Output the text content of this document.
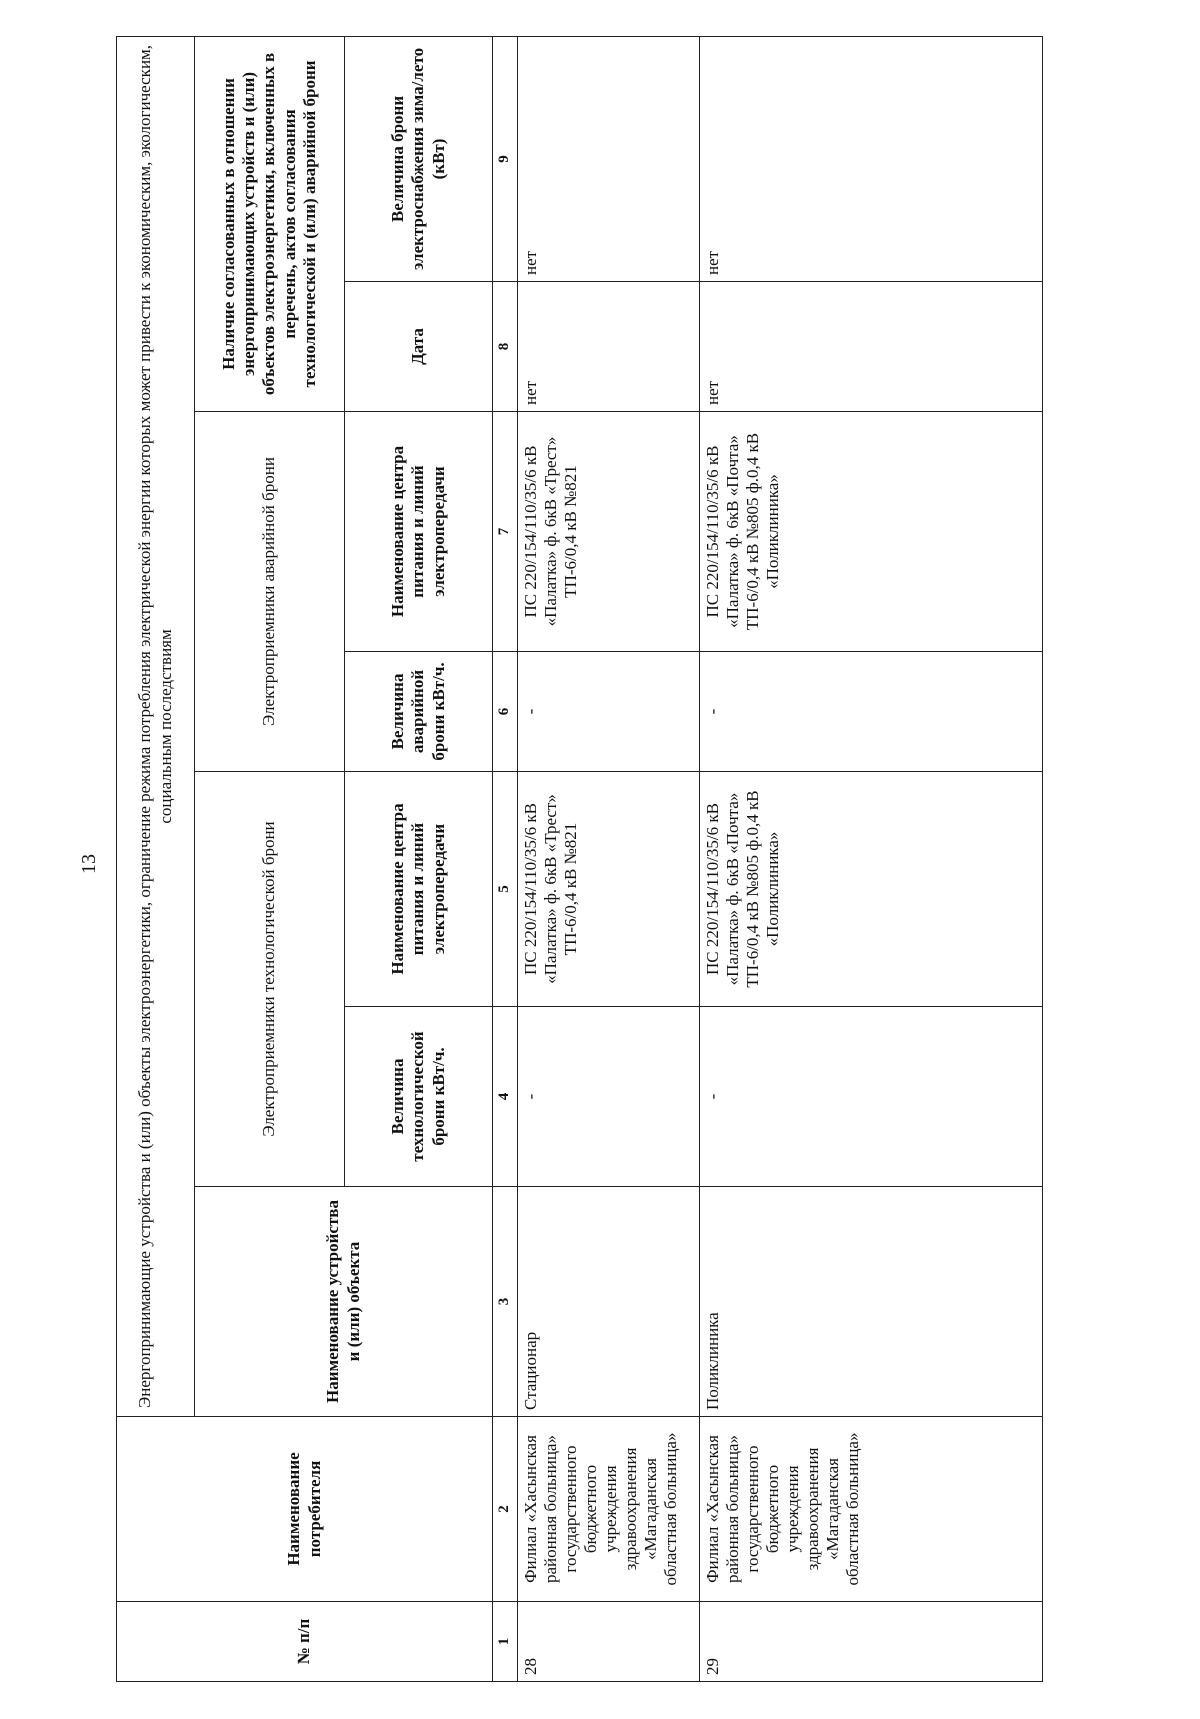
13
№ п/п	Наименование потребителя	Энергопринимающие устройства и (или) объекты электроэнергетики, ограничение режима потребления электрической энергии которых может привести к экономическим, экологическим, социальным последствиям						
		Наименование устройства и (или) объекта	Электроприемники технологической брони		Электроприемники аварийной брони		Наличие согласованных в отношении энергопринимающих устройств и (или) объектов электроэнергетики, включенных в перечень, актов согласования технологической и (или) аварийной брони	
			Величина технологической брони кВт/ч.	Наименование центра питания и линий электропередачи	Величина аварийной брони кВт/ч.	Наименование центра питания и линий электропередачи	Дата	Величина брони электроснабжения зима/лето (кВт)
1	2	3	4	5	6	7	8	9
28	Филиал «Хасынская районная больница» государственного бюджетного учреждения здравоохранения «Магаданская областная больница»	Стационар	-	ПС 220/154/110/35/6 кВ «Палатка» ф. 6кВ «Трест» ТП-6/0,4 кВ №821	-	ПС 220/154/110/35/6 кВ «Палатка» ф. 6кВ «Трест» ТП-6/0,4 кВ №821	нет	нет
29	Филиал «Хасынская районная больница» государственного бюджетного учреждения здравоохранения «Магаданская областная больница»	Поликлиника	-	ПС 220/154/110/35/6 кВ «Палатка» ф. 6кВ «Почта» ТП-6/0,4 кВ №805 ф.0,4 кВ «Поликлиника»	-	ПС 220/154/110/35/6 кВ «Палатка» ф. 6кВ «Почта» ТП-6/0,4 кВ №805 ф.0,4 кВ «Поликлиника»	нет	нет
